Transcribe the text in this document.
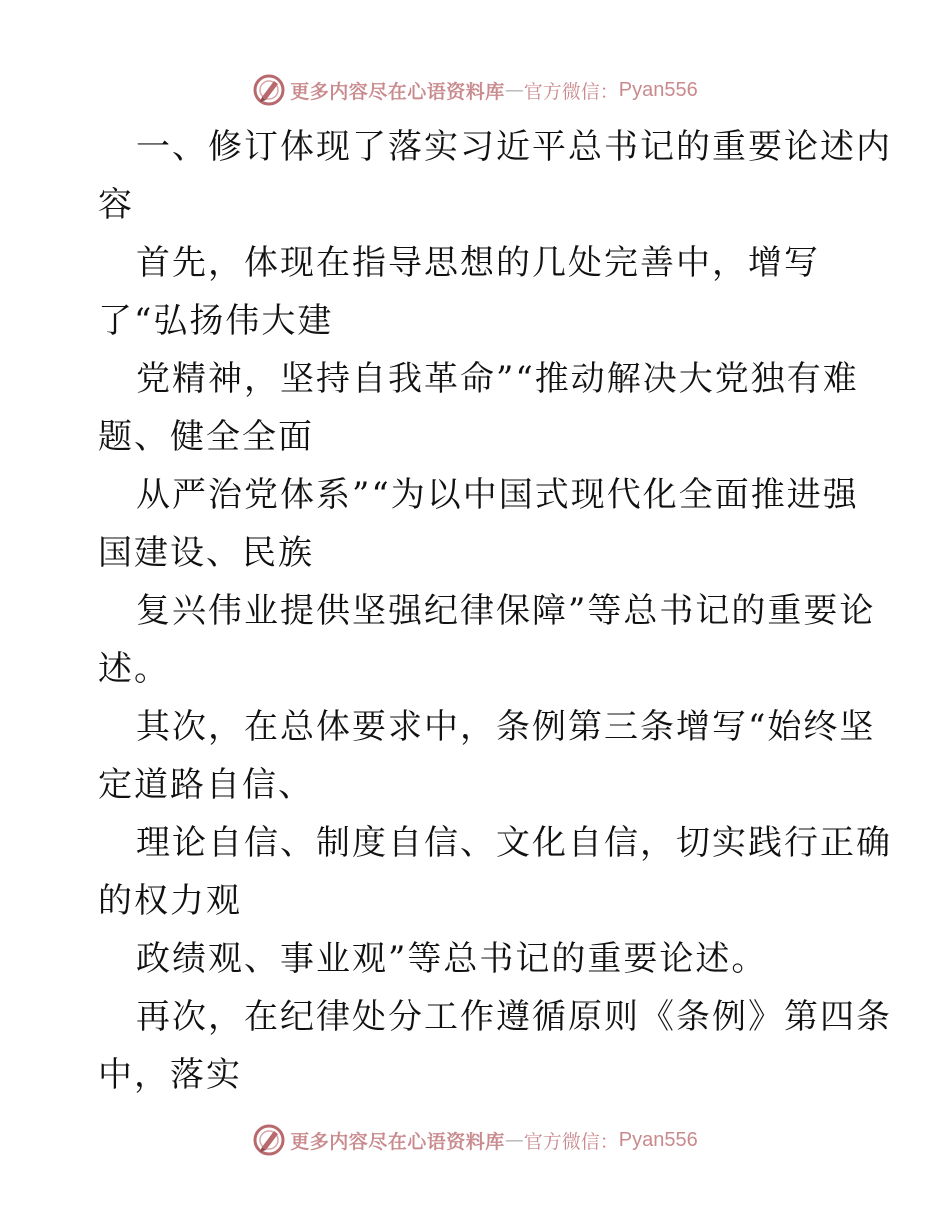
更多内容尽在心语资料库 — 官方微信： Pyan556

一、修订体现了落实习近平总书记的重要论述内

容

首先，体现在指导思想的几处完善中，增写

了“弘扬伟大建

党精神，坚持自我革命”“推动解决大党独有难

题、健全全面

从严治党体系”“为以中国式现代化全面推进强

国建设、民族

复兴伟业提供坚强纪律保障”等总书记的重要论

述。

其次，在总体要求中，条例第三条增写“始终坚

定道路自信、

理论自信、制度自信、文化自信，切实践行正确

的权力观

政绩观、事业观”等总书记的重要论述。

再次，在纪律处分工作遵循原则《条例》第四条

中，落实

更多内容尽在心语资料库 — 官方微信： Pyan556
